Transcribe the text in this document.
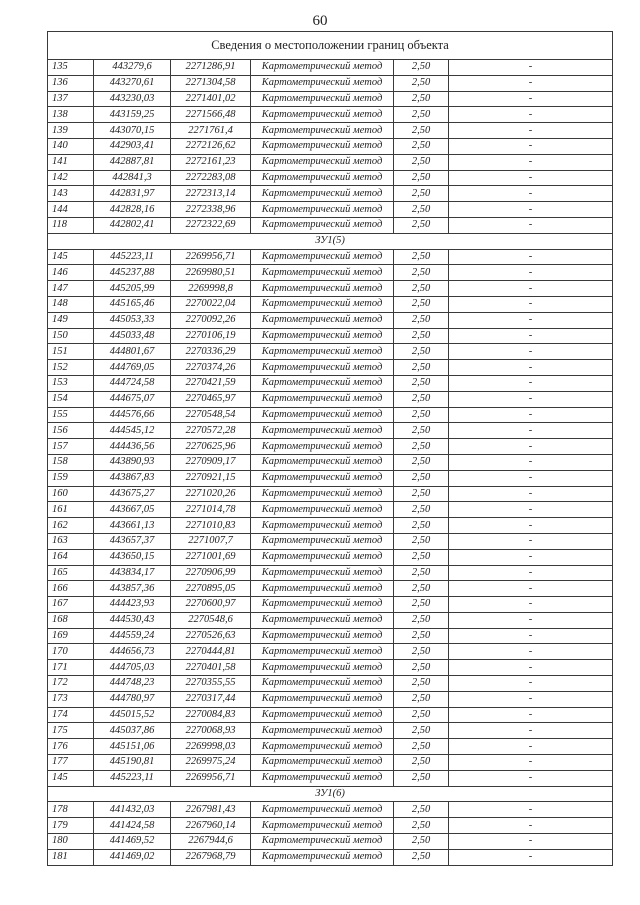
60
Сведения о местоположении границ объекта					
135	443279,6	2271286,91	Картометрический метод	2,50	-
136	443270,61	2271304,58	Картометрический метод	2,50	-
137	443230,03	2271401,02	Картометрический метод	2,50	-
138	443159,25	2271566,48	Картометрический метод	2,50	-
139	443070,15	2271761,4	Картометрический метод	2,50	-
140	442903,41	2272126,62	Картометрический метод	2,50	-
141	442887,81	2272161,23	Картометрический метод	2,50	-
142	442841,3	2272283,08	Картометрический метод	2,50	-
143	442831,97	2272313,14	Картометрический метод	2,50	-
144	442828,16	2272338,96	Картометрический метод	2,50	-
118	442802,41	2272322,69	Картометрический метод	2,50	-
ЗУ1(5)					
145	445223,11	2269956,71	Картометрический метод	2,50	-
146	445237,88	2269980,51	Картометрический метод	2,50	-
147	445205,99	2269998,8	Картометрический метод	2,50	-
148	445165,46	2270022,04	Картометрический метод	2,50	-
149	445053,33	2270092,26	Картометрический метод	2,50	-
150	445033,48	2270106,19	Картометрический метод	2,50	-
151	444801,67	2270336,29	Картометрический метод	2,50	-
152	444769,05	2270374,26	Картометрический метод	2,50	-
153	444724,58	2270421,59	Картометрический метод	2,50	-
154	444675,07	2270465,97	Картометрический метод	2,50	-
155	444576,66	2270548,54	Картометрический метод	2,50	-
156	444545,12	2270572,28	Картометрический метод	2,50	-
157	444436,56	2270625,96	Картометрический метод	2,50	-
158	443890,93	2270909,17	Картометрический метод	2,50	-
159	443867,83	2270921,15	Картометрический метод	2,50	-
160	443675,27	2271020,26	Картометрический метод	2,50	-
161	443667,05	2271014,78	Картометрический метод	2,50	-
162	443661,13	2271010,83	Картометрический метод	2,50	-
163	443657,37	2271007,7	Картометрический метод	2,50	-
164	443650,15	2271001,69	Картометрический метод	2,50	-
165	443834,17	2270906,99	Картометрический метод	2,50	-
166	443857,36	2270895,05	Картометрический метод	2,50	-
167	444423,93	2270600,97	Картометрический метод	2,50	-
168	444530,43	2270548,6	Картометрический метод	2,50	-
169	444559,24	2270526,63	Картометрический метод	2,50	-
170	444656,73	2270444,81	Картометрический метод	2,50	-
171	444705,03	2270401,58	Картометрический метод	2,50	-
172	444748,23	2270355,55	Картометрический метод	2,50	-
173	444780,97	2270317,44	Картометрический метод	2,50	-
174	445015,52	2270084,83	Картометрический метод	2,50	-
175	445037,86	2270068,93	Картометрический метод	2,50	-
176	445151,06	2269998,03	Картометрический метод	2,50	-
177	445190,81	2269975,24	Картометрический метод	2,50	-
145	445223,11	2269956,71	Картометрический метод	2,50	-
ЗУ1(6)					
178	441432,03	2267981,43	Картометрический метод	2,50	-
179	441424,58	2267960,14	Картометрический метод	2,50	-
180	441469,52	2267944,6	Картометрический метод	2,50	-
181	441469,02	2267968,79	Картометрический метод	2,50	-
